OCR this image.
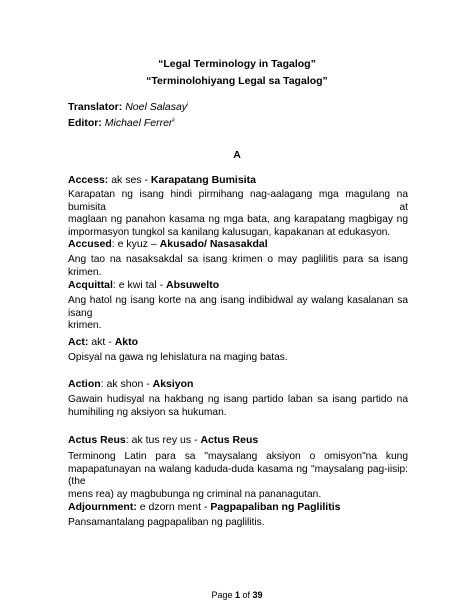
“Legal Terminology in Tagalog”
“Terminolohiyang Legal sa Tagalog”
Translator: Noel Salasay$^i$
Editor: Michael Ferrer$^{ii}$
A
Access: ak ses - Karapatang Bumisita
Karapatan ng isang hindi pirmihang nag-aalagang mga magulang na bumisita at
maglaan ng panahon kasama ng mga bata, ang karapatang magbigay ng
impormasyon tungkol sa kanilang kalusugan, kapakanan at edukasyon.
Accused: e kyuz – Akusado/ Nasasakdal
Ang tao na nasaksakdal sa isang krimen o may paglilitis para sa isang krimen.
Acquittal: e kwi tal - Absuwelto
Ang hatol ng isang korte na ang isang indibidwal ay walang kasalanan sa isang
krimen.
Act: akt - Akto
Opisyal na gawa ng lehislatura na maging batas.
Action: ak shon - Aksiyon
Gawain hudisyal na hakbang ng isang partido laban sa isang partido na
humihiling ng aksiyon sa hukuman.
Actus Reus: ak tus rey us - Actus Reus
Terminong Latin para sa "maysalang aksiyon o omisyon"na kung
mapapatunayan na walang kaduda-duda kasama ng "maysalang pag-iisip:(the
mens rea) ay magbubunga ng criminal na pananagutan.
Adjournment: e dzorn ment - Pagpapaliban ng Paglilitis
Pansamantalang pagpapaliban ng paglilitis.
Page 1 of 39
